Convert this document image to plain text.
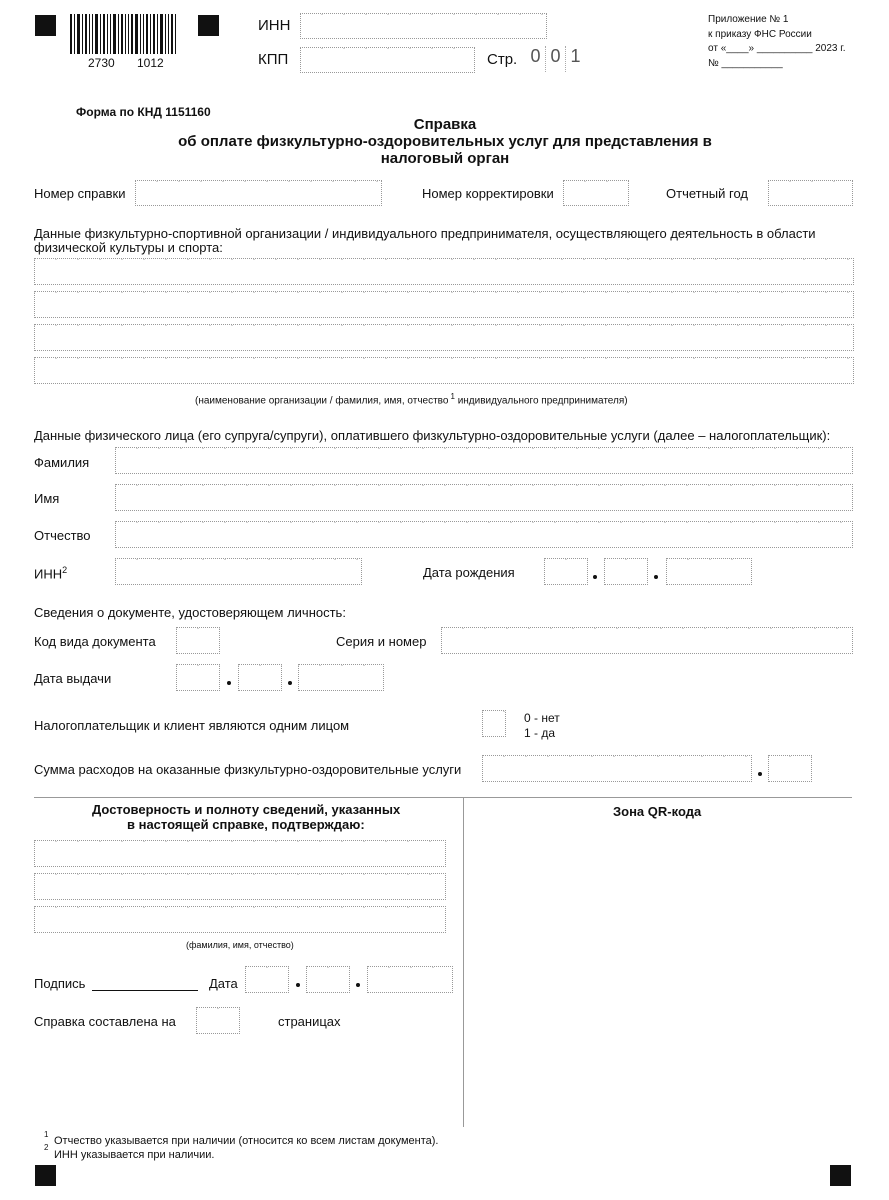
2730 1012
ИНН
КПП	Стр. 0 0 1
Приложение № 1
к приказу ФНС России
от «____» __________ 2023 г.
№ ___________
Форма по КНД 1151160
Справка
об оплате физкультурно-оздоровительных услуг для представления в
налоговый орган
Номер справки	Номер корректировки	Отчетный год
Данные физкультурно-спортивной организации / индивидуального предпринимателя, осуществляющего деятельность в области
физической культуры и спорта:
(наименование организации / фамилия, имя, отчество $^1$ индивидуального предпринимателя)
Данные физического лица (его супруга/супруги), оплатившего физкультурно-оздоровительные услуги (далее – налогоплательщик):
Фамилия
Имя
Отчество
ИНН$^2$	Дата рождения
Сведения о документе, удостоверяющем личность:
Код вида документа	Серия и номер
Дата выдачи
Налогоплательщик и клиент являются одним лицом	0 - нет
1 - да
Сумма расходов на оказанные физкультурно-оздоровительные услуги
Достоверность и полноту сведений, указанных
в настоящей справке, подтверждаю:
(фамилия, имя, отчество)
Подпись	Дата
Справка составлена на	страницах
Зона QR-кода
1
2
Отчество указывается при наличии (относится ко всем листам документа).
ИНН указывается при наличии.
